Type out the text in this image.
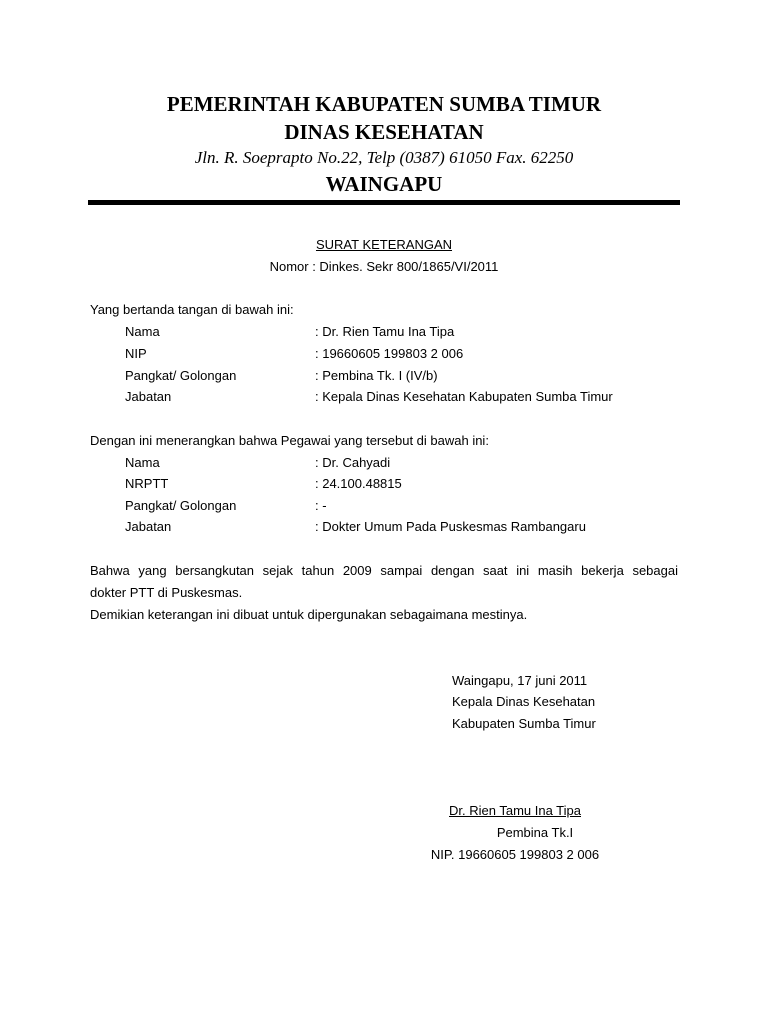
PEMERINTAH KABUPATEN SUMBA TIMUR
DINAS KESEHATAN
Jln. R. Soeprapto No.22, Telp (0387) 61050 Fax. 62250
WAINGAPU
SURAT KETERANGAN
Nomor : Dinkes. Sekr 800/1865/VI/2011
Yang bertanda tangan di bawah ini:
Nama	: Dr. Rien Tamu Ina Tipa
NIP	: 19660605 199803 2 006
Pangkat/ Golongan	: Pembina Tk. I (IV/b)
Jabatan	: Kepala Dinas Kesehatan Kabupaten Sumba Timur
Dengan ini menerangkan bahwa Pegawai yang tersebut di bawah ini:
Nama	: Dr. Cahyadi
NRPTT	: 24.100.48815
Pangkat/ Golongan	: -
Jabatan	: Dokter Umum Pada Puskesmas Rambangaru
Bahwa yang bersangkutan sejak tahun 2009 sampai dengan saat ini masih bekerja sebagai
dokter PTT di Puskesmas.
Demikian keterangan ini dibuat untuk dipergunakan sebagaimana mestinya.
Waingapu, 17 juni 2011
Kepala Dinas Kesehatan
Kabupaten Sumba Timur
Dr. Rien Tamu Ina Tipa
Pembina Tk.I
NIP. 19660605 199803 2 006
